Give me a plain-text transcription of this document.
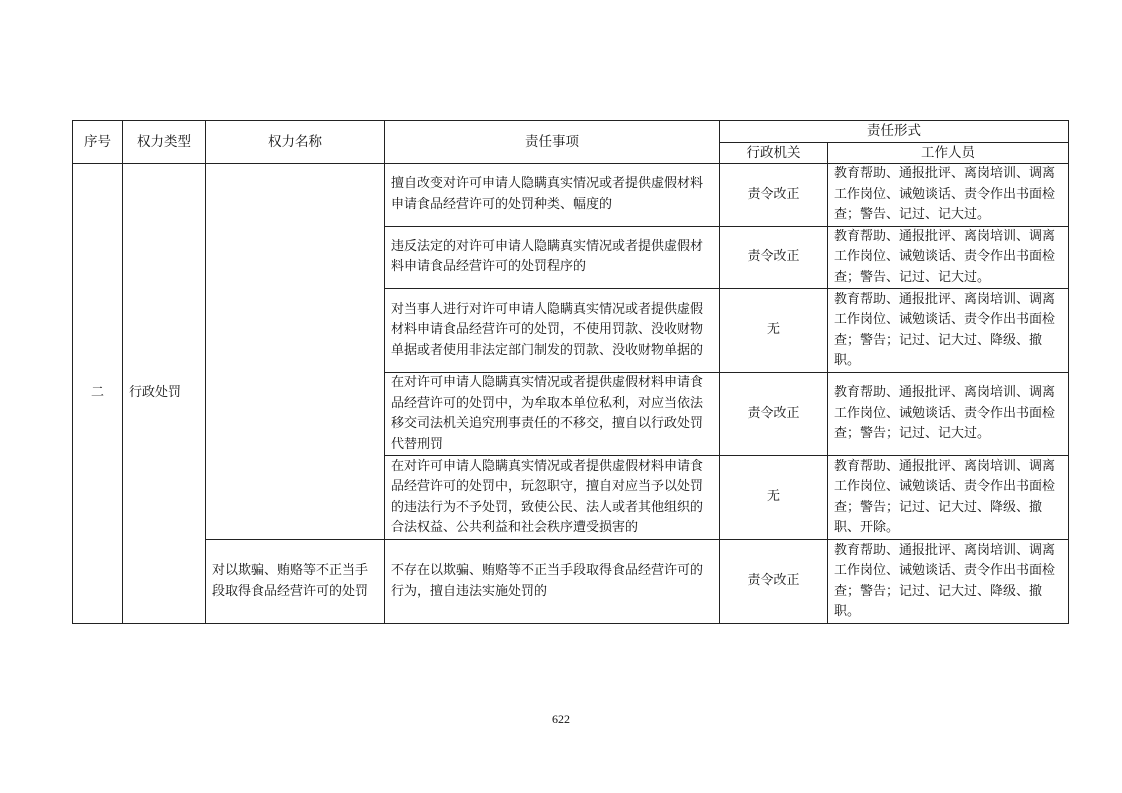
序号	权力类型	权力名称	责任事项	责任形式	
				行政机关	工作人员
二	行政处罚		擅自改变对许可申请人隐瞒真实情况或者提供虚假材料申请食品经营许可的处罚种类、幅度的	责令改正	教育帮助、通报批评、离岗培训、调离工作岗位、诫勉谈话、责令作出书面检查；警告、记过、记大过。
			违反法定的对许可申请人隐瞒真实情况或者提供虚假材料申请食品经营许可的处罚程序的	责令改正	教育帮助、通报批评、离岗培训、调离工作岗位、诫勉谈话、责令作出书面检查；警告、记过、记大过。
			对当事人进行对许可申请人隐瞒真实情况或者提供虚假材料申请食品经营许可的处罚，不使用罚款、没收财物单据或者使用非法定部门制发的罚款、没收财物单据的	无	教育帮助、通报批评、离岗培训、调离工作岗位、诫勉谈话、责令作出书面检查；警告；记过、记大过、降级、撤职。
			在对许可申请人隐瞒真实情况或者提供虚假材料申请食品经营许可的处罚中，为牟取本单位私利，对应当依法移交司法机关追究刑事责任的不移交，擅自以行政处罚代替刑罚	责令改正	教育帮助、通报批评、离岗培训、调离工作岗位、诫勉谈话、责令作出书面检查；警告；记过、记大过。
			在对许可申请人隐瞒真实情况或者提供虚假材料申请食品经营许可的处罚中，玩忽职守，擅自对应当予以处罚的违法行为不予处罚，致使公民、法人或者其他组织的合法权益、公共利益和社会秩序遭受损害的	无	教育帮助、通报批评、离岗培训、调离工作岗位、诫勉谈话、责令作出书面检查；警告；记过、记大过、降级、撤职、开除。
		对以欺骗、贿赂等不正当手段取得食品经营许可的处罚	不存在以欺骗、贿赂等不正当手段取得食品经营许可的行为，擅自违法实施处罚的	责令改正	教育帮助、通报批评、离岗培训、调离工作岗位、诫勉谈话、责令作出书面检查；警告；记过、记大过、降级、撤职。
622
